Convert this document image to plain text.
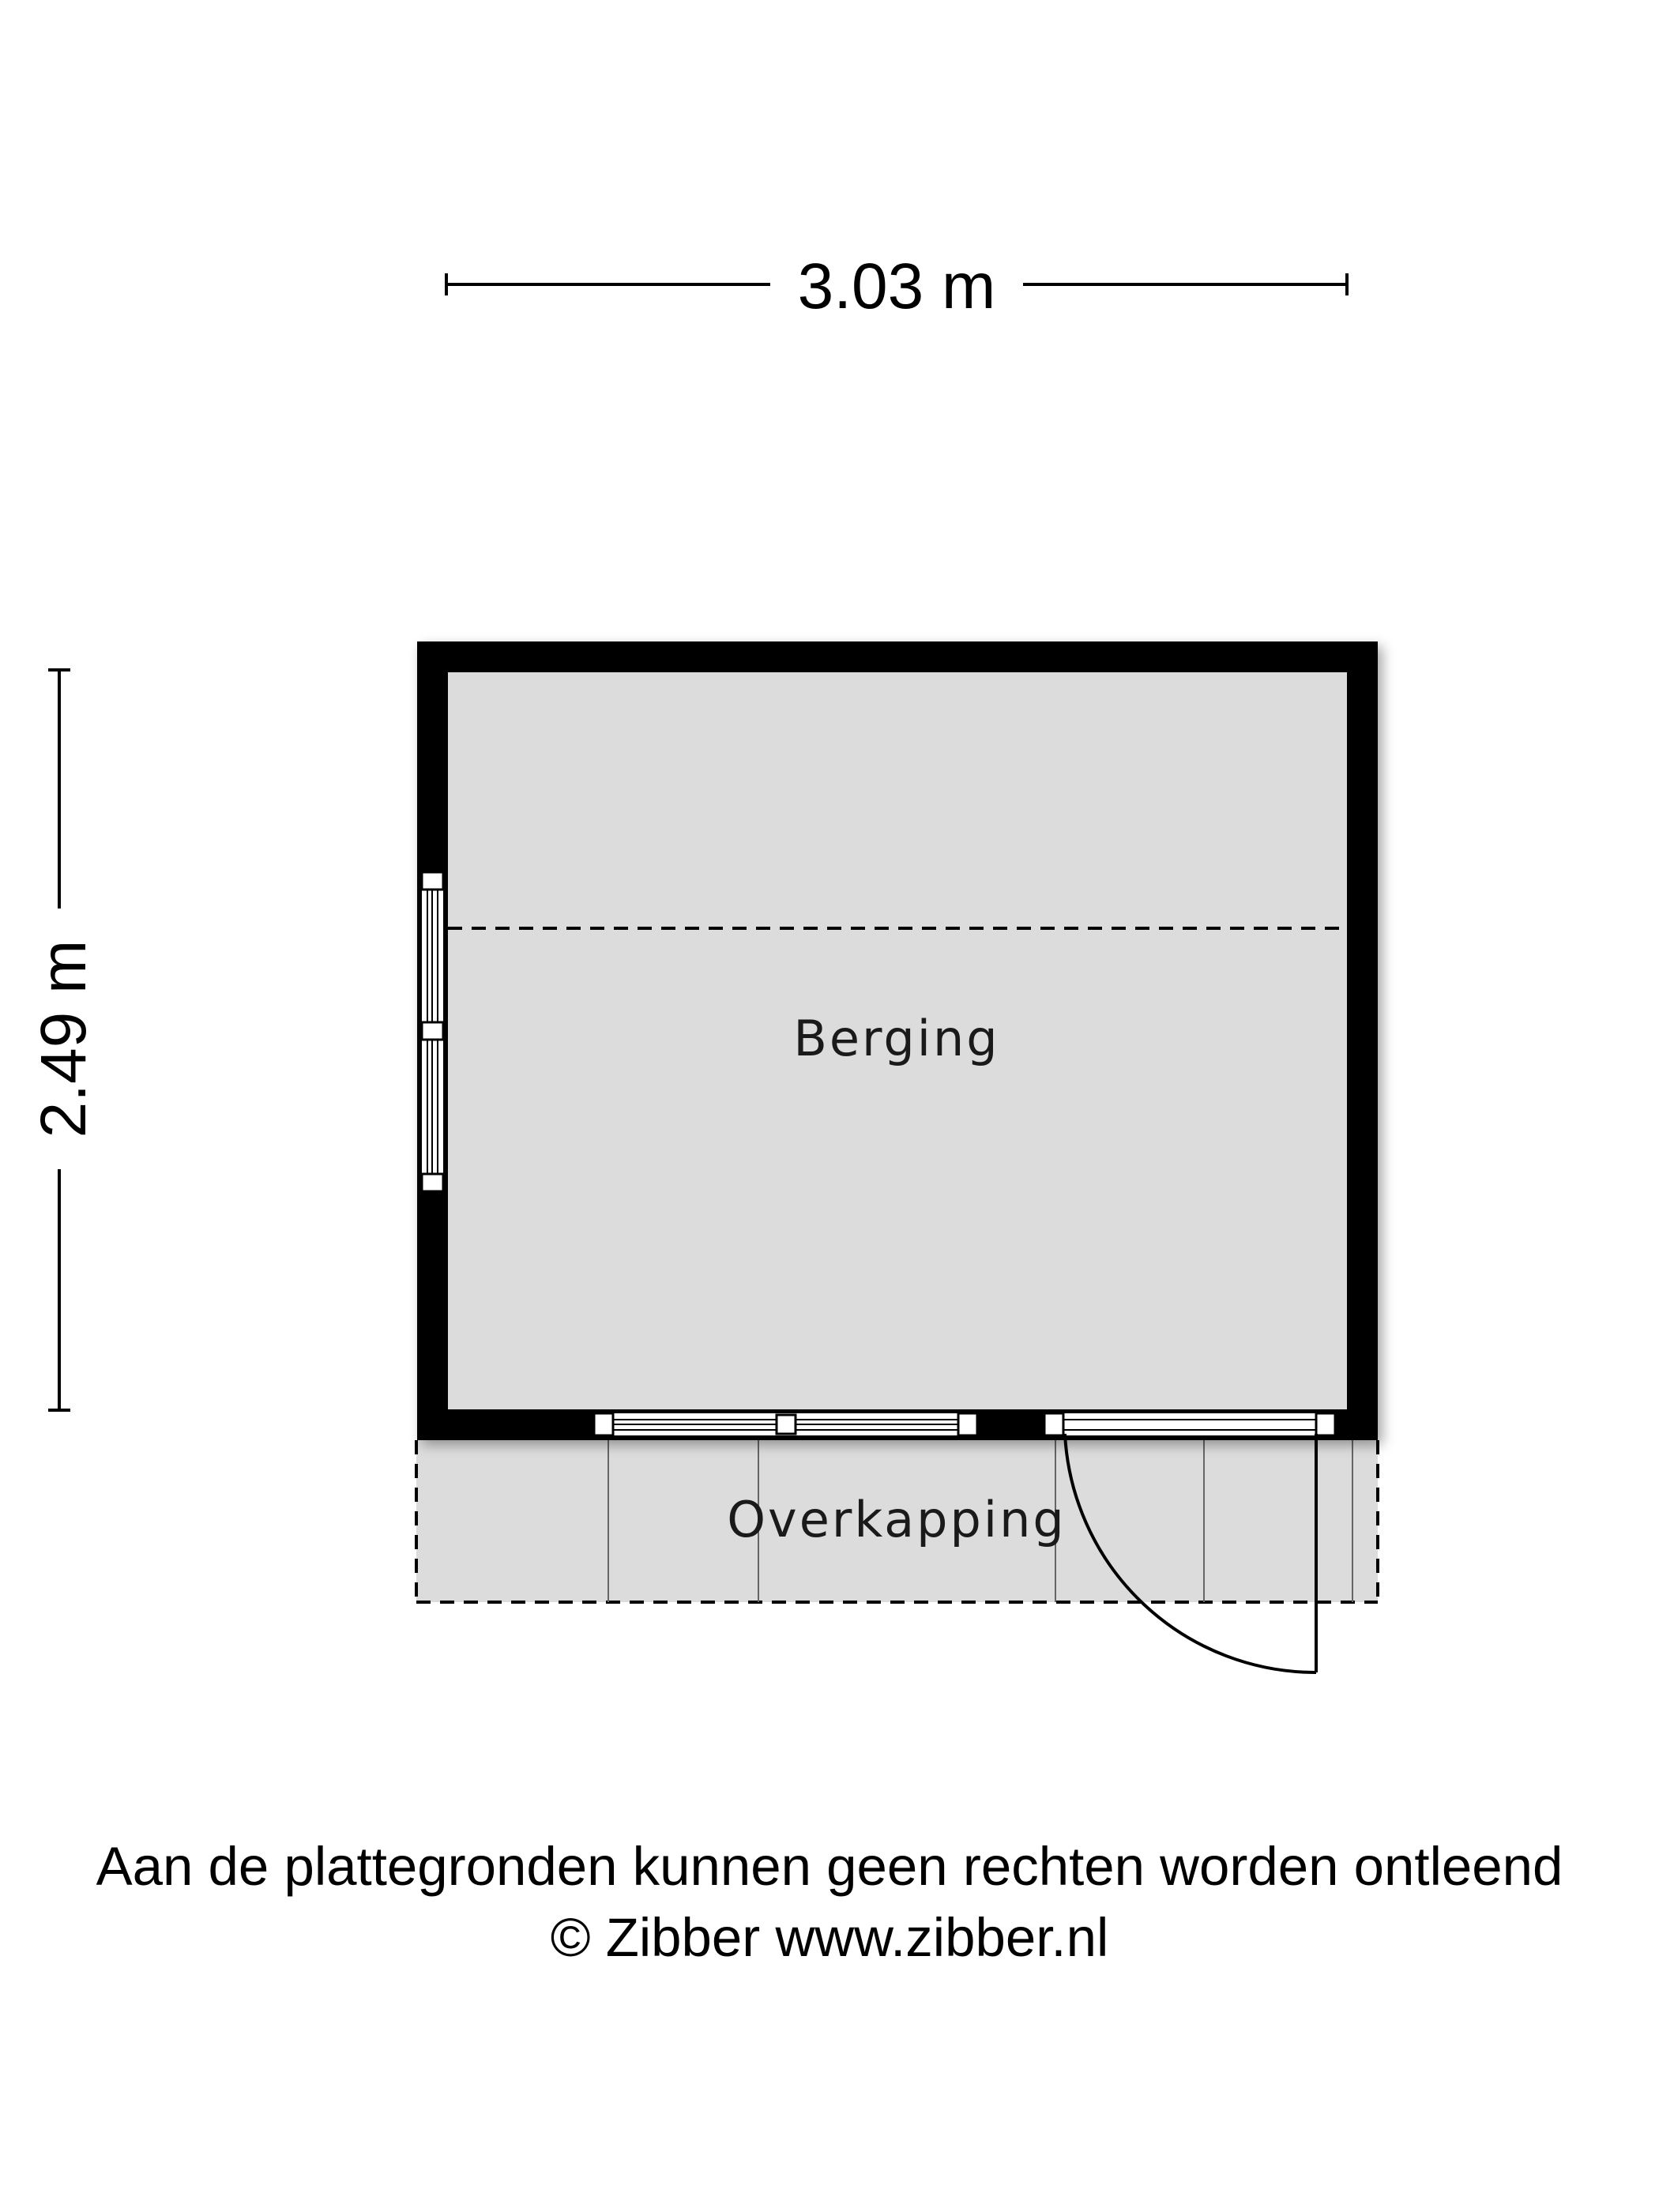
3.03 m
2.49 m	Berging
Overkapping
Aan de plattegronden kunnen geen rechten worden ontleend
© Zibber www.zibber.nl
